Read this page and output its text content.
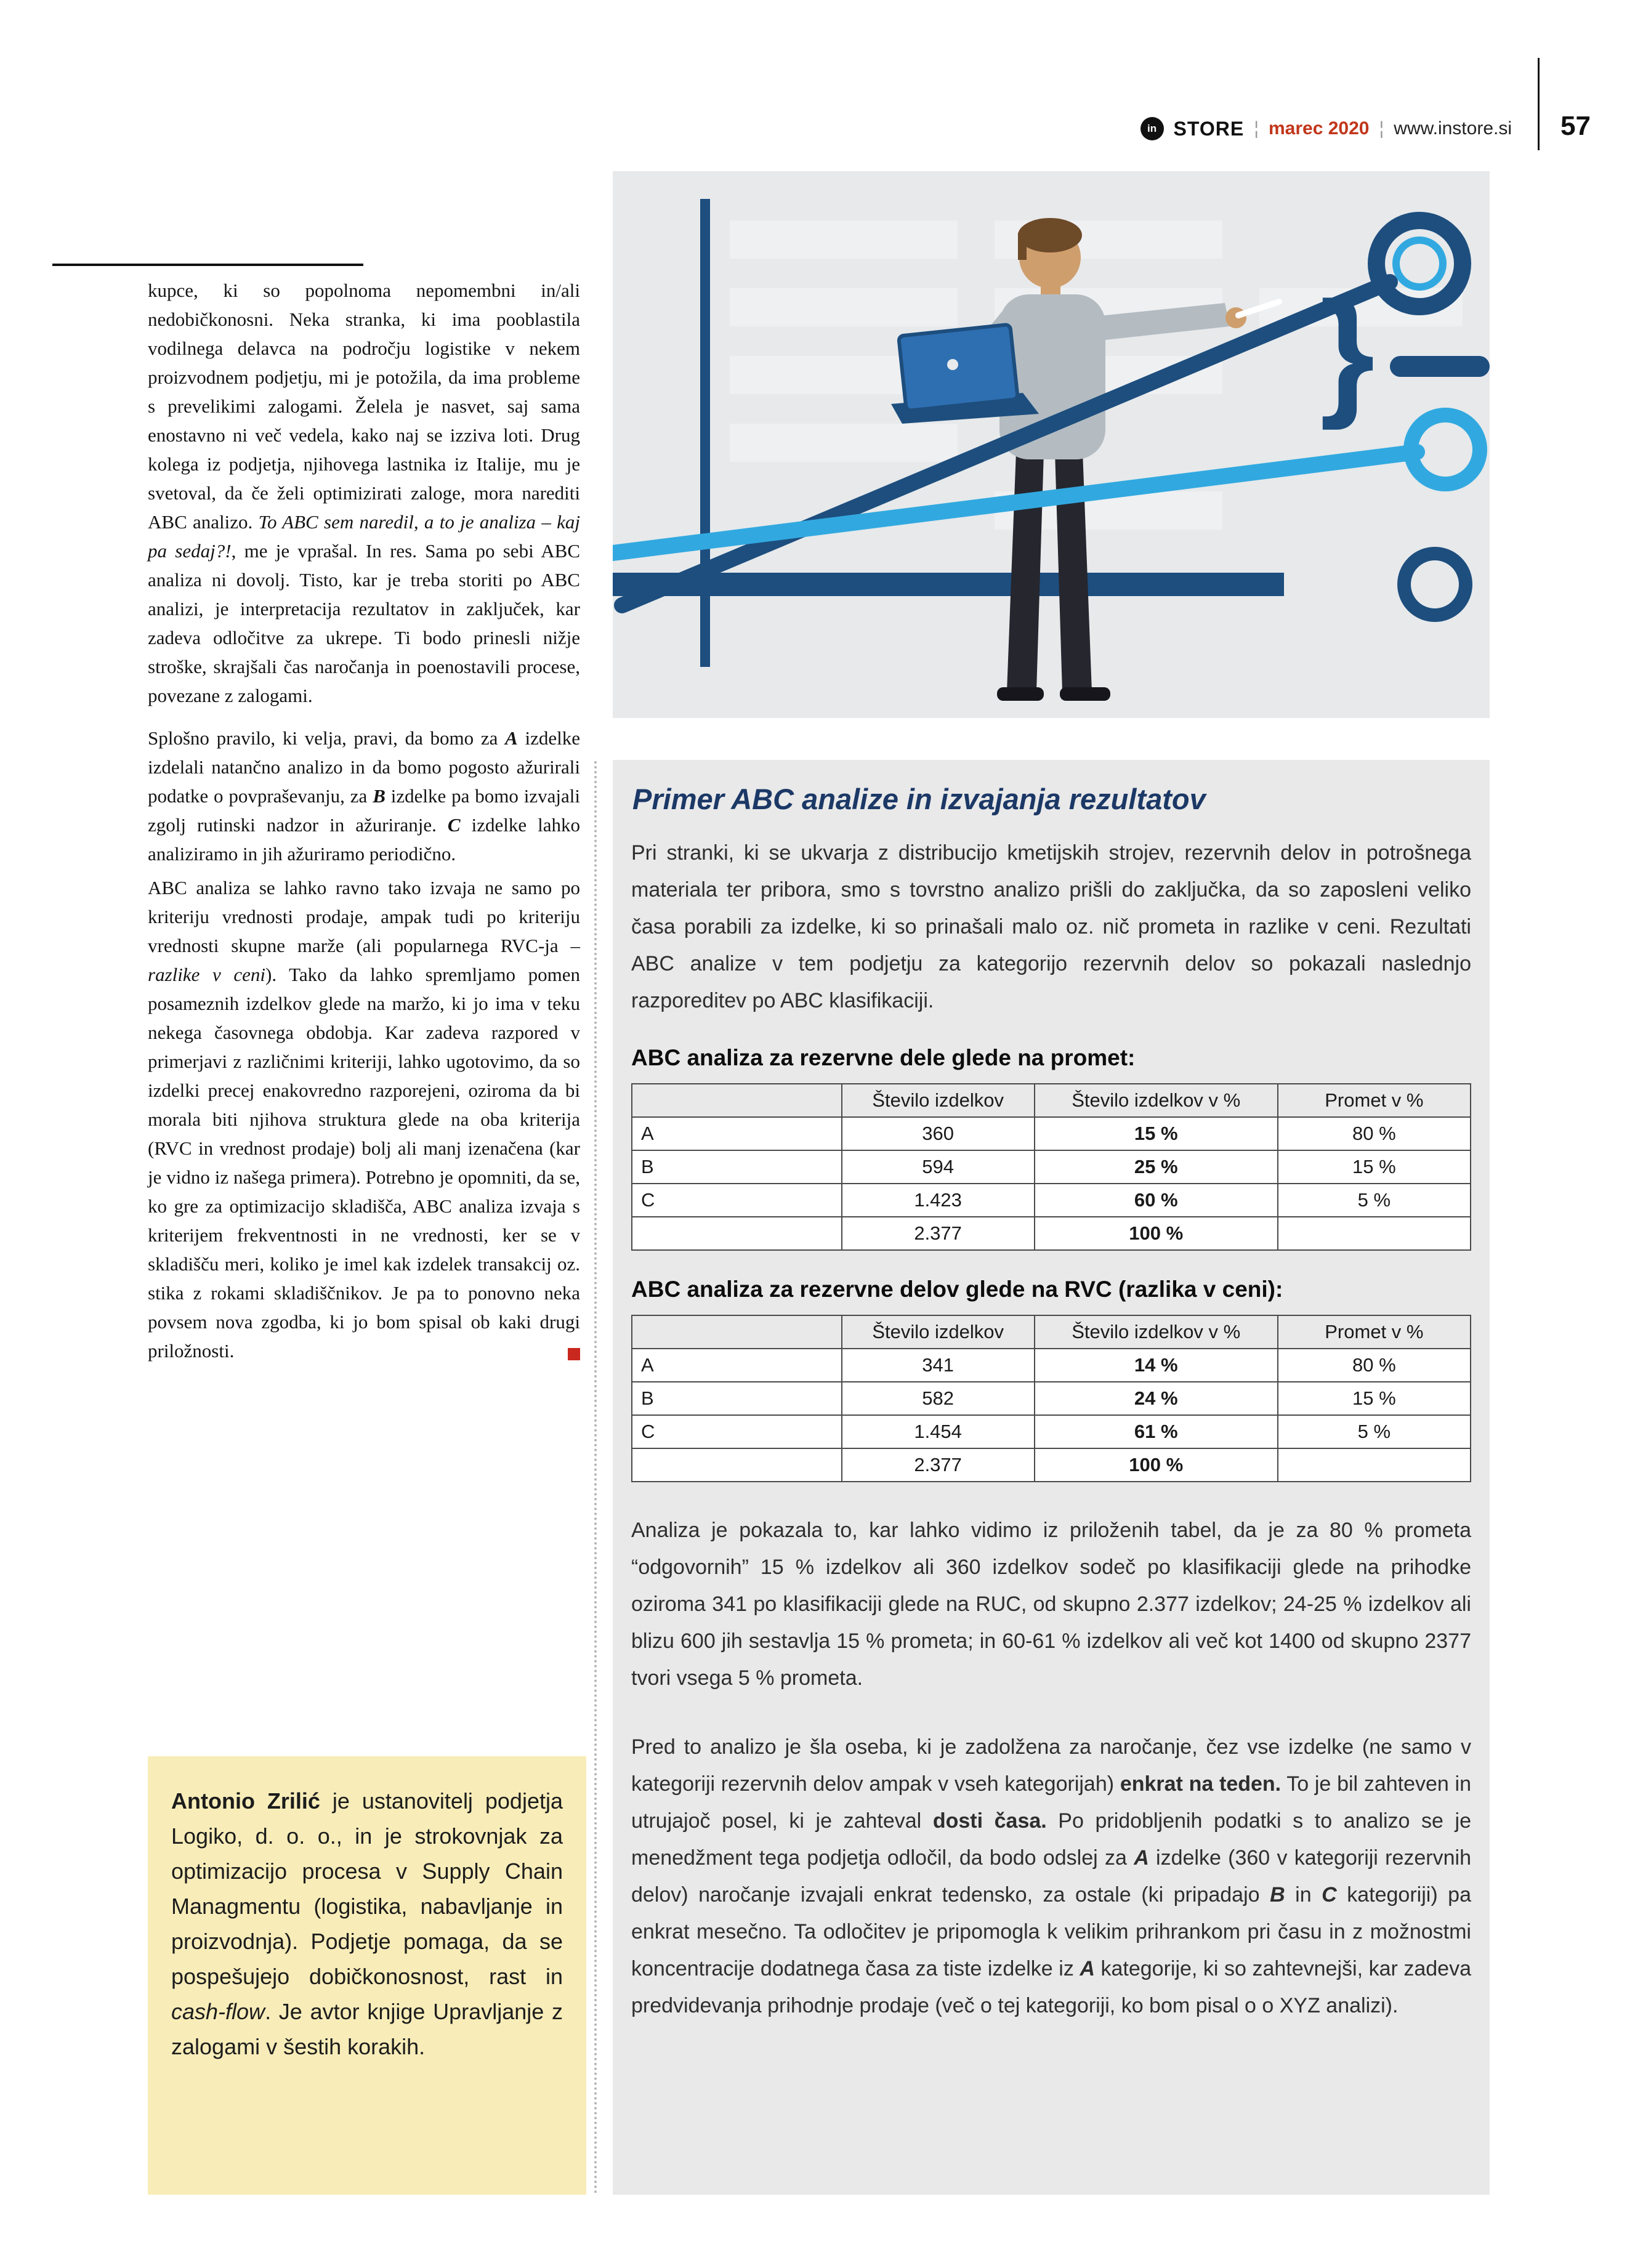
in STORE ¦ marec 2020 ¦ www.instore.si 57

kupce, ki so popolnoma nepomembni in/ali nedobičkonosni. Neka stranka, ki ima pooblastila vodilnega delavca na področju logistike v nekem proizvodnem podjetju, mi je potožila, da ima probleme s prevelikimi zalogami. Želela je nasvet, saj sama enostavno ni več vedela, kako naj se izziva loti. Drug kolega iz podjetja, njihovega lastnika iz Italije, mu je svetoval, da če želi optimizirati zaloge, mora narediti ABC analizo. To ABC sem naredil, a to je analiza – kaj pa sedaj?!, me je vprašal. In res. Sama po sebi ABC analiza ni dovolj. Tisto, kar je treba storiti po ABC analizi, je interpretacija rezultatov in zaključek, kar zadeva odločitve za ukrepe. Ti bodo prinesli nižje stroške, skrajšali čas naročanja in poenostavili procese, povezane z zalogami.

Splošno pravilo, ki velja, pravi, da bomo za A izdelke izdelali natančno analizo in da bomo pogosto ažurirali podatke o povpraševanju, za B izdelke pa bomo izvajali zgolj rutinski nadzor in ažuriranje. C izdelke lahko analiziramo in jih ažuriramo periodično.

ABC analiza se lahko ravno tako izvaja ne samo po kriteriju vrednosti prodaje, ampak tudi po kriteriju vrednosti skupne marže (ali popularnega RVC-ja – razlike v ceni). Tako da lahko spremljamo pomen posameznih izdelkov glede na maržo, ki jo ima v teku nekega časovnega obdobja. Kar zadeva razpored v primerjavi z različnimi kriteriji, lahko ugotovimo, da so izdelki precej enakovredno razporejeni, oziroma da bi morala biti njihova struktura glede na oba kriterija (RVC in vrednost prodaje) bolj ali manj izenačena (kar je vidno iz našega primera). Potrebno je opomniti, da se, ko gre za optimizacijo skladišča, ABC analiza izvaja s kriterijem frekventnosti in ne vrednosti, ker se v skladišču meri, koliko je imel kak izdelek transakcij oz. stika z rokami skladiščnikov. Je pa to ponovno neka povsem nova zgodba, ki jo bom spisal ob kaki drugi priložnosti.

Antonio Zrilić je ustanovitelj podjetja Logiko, d. o. o., in je strokovnjak za optimizacijo procesa v Supply Chain Managmentu (logistika, nabavljanje in proizvodnja). Podjetje pomaga, da se pospešujejo dobičkonosnost, rast in cash-flow. Je avtor knjige Upravljanje z zalogami v šestih korakih.
}
Primer ABC analize in izvajanja rezultatov

Pri stranki, ki se ukvarja z distribucijo kmetijskih strojev, rezervnih delov in potrošnega materiala ter pribora, smo s tovrstno analizo prišli do zaključka, da so zaposleni veliko časa porabili za izdelke, ki so prinašali malo oz. nič prometa in razlike v ceni. Rezultati ABC analize v tem podjetju za kategorijo rezervnih delov so pokazali naslednjo razporeditev po ABC klasifikaciji.

ABC analiza za rezervne dele glede na promet:
	Število izdelkov	Število izdelkov v %	Promet v %
A	360	15 %	80 %
B	594	25 %	15 %
C	1.423	60 %	5 %
	2.377	100 %	
ABC analiza za rezervne delov glede na RVC (razlika v ceni):
	Število izdelkov	Število izdelkov v %	Promet v %
A	341	14 %	80 %
B	582	24 %	15 %
C	1.454	61 %	5 %
	2.377	100 %	

Analiza je pokazala to, kar lahko vidimo iz priloženih tabel, da je za 80 % prometa “odgovornih” 15 % izdelkov ali 360 izdelkov sodeč po klasifikaciji glede na prihodke oziroma 341 po klasifikaciji glede na RUC, od skupno 2.377 izdelkov; 24-25 % izdelkov ali blizu 600 jih sestavlja 15 % prometa; in 60-61 % izdelkov ali več kot 1400 od skupno 2377 tvori vsega 5 % prometa.

Pred to analizo je šla oseba, ki je zadolžena za naročanje, čez vse izdelke (ne samo v kategoriji rezervnih delov ampak v vseh kategorijah) enkrat na teden. To je bil zahteven in utrujajoč posel, ki je zahteval dosti časa. Po pridobljenih podatki s to analizo se je menedžment tega podjetja odločil, da bodo odslej za A izdelke (360 v kategoriji rezervnih delov) naročanje izvajali enkrat tedensko, za ostale (ki pripadajo B in C kategoriji) pa enkrat mesečno. Ta odločitev je pripomogla k velikim prihrankom pri času in z možnostmi koncentracije dodatnega časa za tiste izdelke iz A kategorije, ki so zahtevnejši, kar zadeva predvidevanja prihodnje prodaje (več o tej kategoriji, ko bom pisal o o XYZ analizi).
